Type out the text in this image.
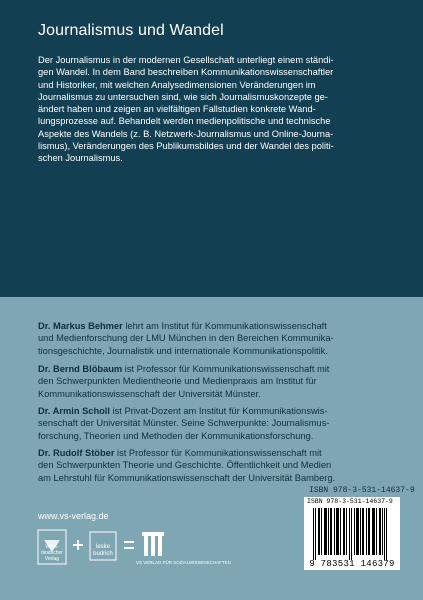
Journalismus und Wandel
Der Journalismus in der modernen Gesellschaft unterliegt einem ständi-
gen Wandel. In dem Band beschreiben Kommunikationswissenschaftler
und Historiker, mit welchen Analysedimensionen Veränderungen im
Journalismus zu untersuchen sind, wie sich Journalismuskonzepte ge-
ändert haben und zeigen an vielfältigen Fallstudien konkrete Wand-
lungsprozesse auf. Behandelt werden medienpolitische und technische
Aspekte des Wandels (z. B. Netzwerk-Journalismus und Online-Journa-
lismus), Veränderungen des Publikumsbildes und der Wandel des politi-
schen Journalismus.
Dr. Markus Behmer lehrt am Institut für Kommunikationswissenschaft
und Medienforschung der LMU München in den Bereichen Kommunika-
tionsgeschichte, Journalistik und internationale Kommunikationspolitik.
Dr. Bernd Blöbaum ist Professor für Kommunikationswissenschaft mit
den Schwerpunkten Medientheorie und Medienpraxis am Institut für
Kommunikationswissenschaft der Universität Münster.
Dr. Armin Scholl ist Privat-Dozent am Institut für Kommunikationswis-
senschaft der Universität Münster. Seine Schwerpunkte: Journalismus-
forschung, Theorien und Methoden der Kommunikationsforschung.
Dr. Rudolf Stöber ist Professor für Kommunikationswissenschaft mit
den Schwerpunkten Theorie und Geschichte. Öffentlichkeit und Medien
am Lehrstuhl für Kommunikationswissenschaft der Universität Bamberg.
ISBN 978-3-531-14637-9
ISBN 978-3-531-14637-9
9 783531 146379
www.vs-verlag.de
West-
deutscher
Verlag
leske
budrich
VS VERLAG FÜR SOZIALWISSENSCHAFTEN
